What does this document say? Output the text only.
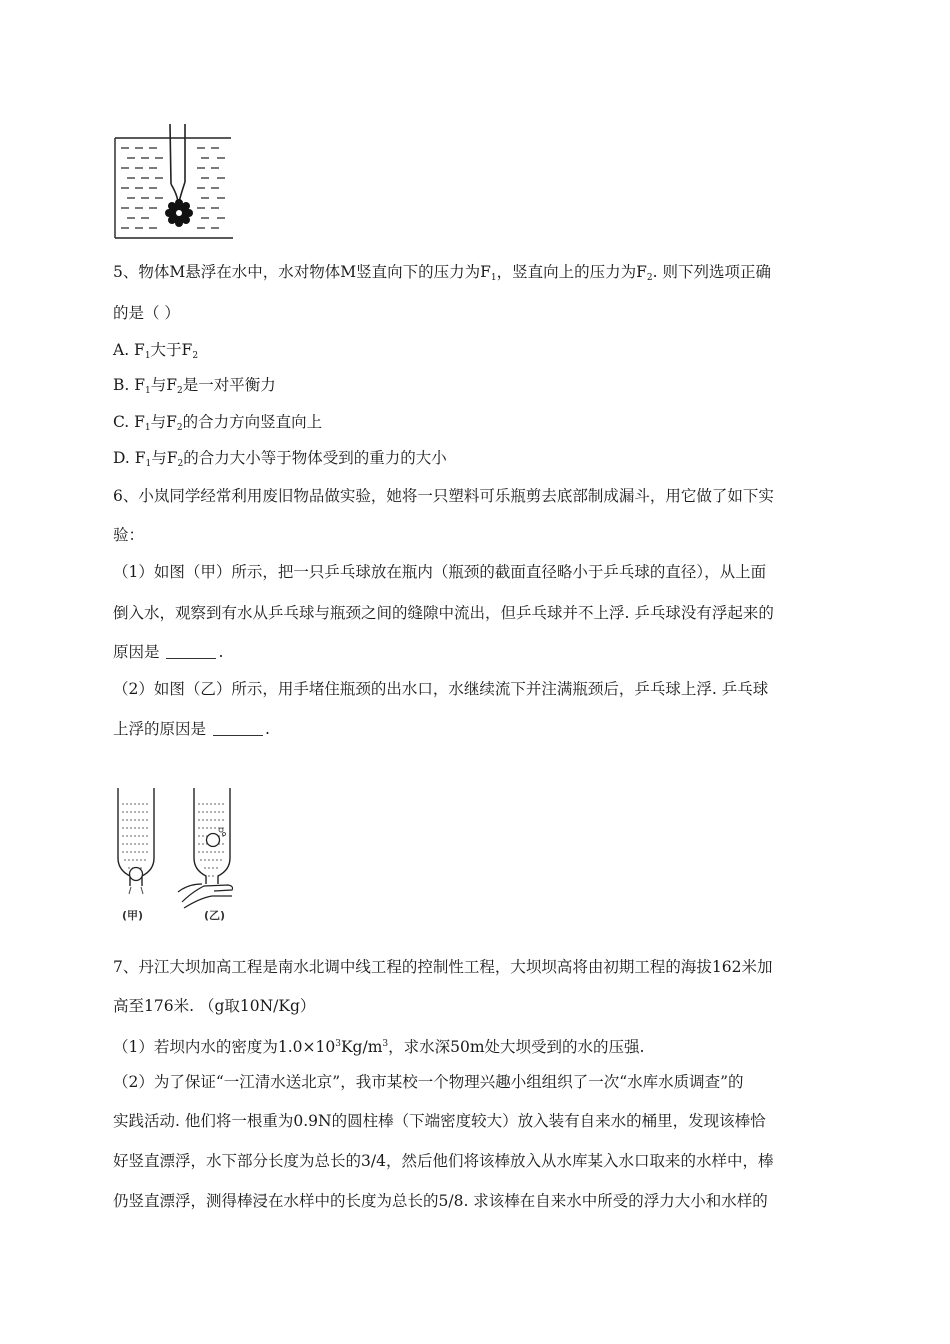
5、物体M悬浮在水中，水对物体M竖直向下的压力为$F_1$，竖直向上的压力为$F_2$. 则下列选项正确
的是（ ）
A. $F_1$大于$F_2$
B. $F_1$与$F_2$是一对平衡力
C. $F_1$与$F_2$的合力方向竖直向上
D. $F_1$与$F_2$的合力大小等于物体受到的重力的大小
6、小岚同学经常利用废旧物品做实验，她将一只塑料可乐瓶剪去底部制成漏斗，用它做了如下实
验：
（1）如图（甲）所示，把一只乒乓球放在瓶内（瓶颈的截面直径略小于乒乓球的直径），从上面
倒入水，观察到有水从乒乓球与瓶颈之间的缝隙中流出，但乒乓球并不上浮. 乒乓球没有浮起来的
原因是	.
（2）如图（乙）所示，用手堵住瓶颈的出水口，水继续流下并注满瓶颈后，乒乓球上浮. 乒乓球
上浮的原因是	.
(甲)	(乙)
7、丹江大坝加高工程是南水北调中线工程的控制性工程，大坝坝高将由初期工程的海拔162米加
高至176米. （g取10N/Kg）
（1）若坝内水的密度为$1.0\times 10^3Kg/m^3$，求水深50m处大坝受到的水的压强.
（2）为了保证“一江清水送北京”，我市某校一个物理兴趣小组组织了一次“水库水质调查”的
实践活动. 他们将一根重为0.9N的圆柱棒（下端密度较大）放入装有自来水的桶里，发现该棒恰
好竖直漂浮，水下部分长度为总长的3/4，然后他们将该棒放入从水库某入水口取来的水样中，棒
仍竖直漂浮，测得棒浸在水样中的长度为总长的5/8. 求该棒在自来水中所受的浮力大小和水样的
